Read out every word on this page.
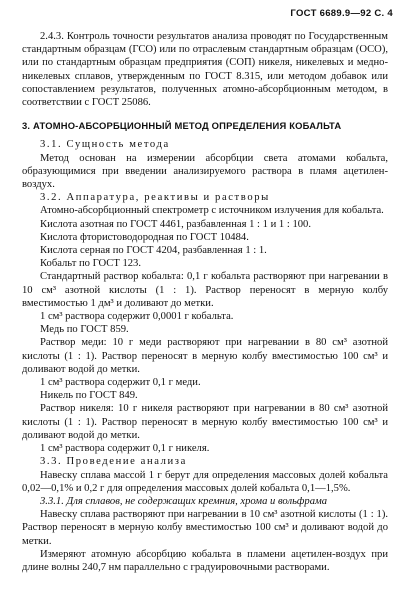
ГОСТ 6689.9—92 С. 4

2.4.3. Контроль точности результатов анализа проводят по Государственным стандартным образцам (ГСО) или по отраслевым стандартным образцам (ОСО), или по стандартным образцам предприятия (СОП) никеля, никелевых и медно-никелевых сплавов, утвержденным по ГОСТ 8.315, или методом добавок или сопоставлением результатов, полученных атомно-абсорбционным методом, в соответствии с ГОСТ 25086.

3. АТОМНО-АБСОРБЦИОННЫЙ МЕТОД ОПРЕДЕЛЕНИЯ КОБАЛЬТА

3.1. Сущность метода

Метод основан на измерении абсорбции света атомами кобальта, образующимися при введении анализируемого раствора в пламя ацетилен-воздух.

3.2. Аппаратура, реактивы и растворы

Атомно-абсорбционный спектрометр с источником излучения для кобальта.

Кислота азотная по ГОСТ 4461, разбавленная 1 : 1 и 1 : 100.

Кислота фтористоводородная по ГОСТ 10484.

Кислота серная по ГОСТ 4204, разбавленная 1 : 1.

Кобальт по ГОСТ 123.

Стандартный раствор кобальта: 0,1 г кобальта растворяют при нагревании в 10 см³ азотной кислоты (1 : 1). Раствор переносят в мерную колбу вместимостью 1 дм³ и доливают до метки.

1 см³ раствора содержит 0,0001 г кобальта.

Медь по ГОСТ 859.

Раствор меди: 10 г меди растворяют при нагревании в 80 см³ азотной кислоты (1 : 1). Раствор переносят в мерную колбу вместимостью 100 см³ и доливают водой до метки.

1 см³ раствора содержит 0,1 г меди.

Никель по ГОСТ 849.

Раствор никеля: 10 г никеля растворяют при нагревании в 80 см³ азотной кислоты (1 : 1). Раствор переносят в мерную колбу вместимостью 100 см³ и доливают водой до метки.

1 см³ раствора содержит 0,1 г никеля.

3.3. Проведение анализа

Навеску сплава массой 1 г берут для определения массовых долей кобальта 0,02—0,1% и 0,2 г для определения массовых долей кобальта 0,1—1,5%.

3.3.1. Для сплавов, не содержащих кремния, хрома и вольфрама

Навеску сплава растворяют при нагревании в 10 см³ азотной кислоты (1 : 1). Раствор переносят в мерную колбу вместимостью 100 см³ и доливают водой до метки.

Измеряют атомную абсорбцию кобальта в пламени ацетилен-воздух при длине волны 240,7 нм параллельно с градуировочными растворами.
